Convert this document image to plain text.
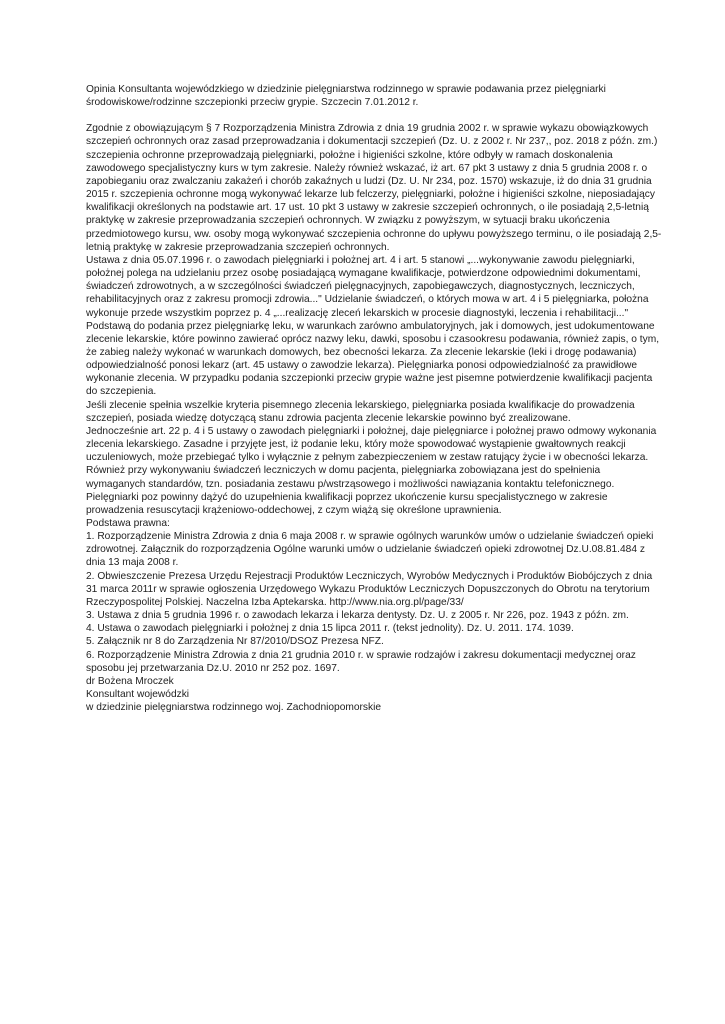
Opinia Konsultanta wojewódzkiego w dziedzinie pielęgniarstwa rodzinnego w sprawie podawania przez pielęgniarki środowiskowe/rodzinne szczepionki przeciw grypie. Szczecin 7.01.2012 r.

Zgodnie z obowiązującym § 7 Rozporządzenia Ministra Zdrowia z dnia 19 grudnia 2002 r. w sprawie wykazu obowiązkowych szczepień ochronnych oraz zasad przeprowadzania i dokumentacji szczepień (Dz. U. z 2002 r. Nr 237,, poz. 2018 z późn. zm.) szczepienia ochronne przeprowadzają pielęgniarki, położne i higieniści szkolne, które odbyły w ramach doskonalenia zawodowego specjalistyczny kurs w tym zakresie. Należy również wskazać, iż art. 67 pkt 3 ustawy z dnia 5 grudnia 2008 r. o zapobieganiu oraz zwalczaniu zakażeń i chorób zakaźnych u ludzi (Dz. U. Nr 234, poz. 1570) wskazuje, iż do dnia 31 grudnia 2015 r. szczepienia ochronne mogą wykonywać lekarze lub felczerzy, pielęgniarki, położne i higieniści szkolne, nieposiadający kwalifikacji określonych na podstawie art. 17 ust. 10 pkt 3 ustawy w zakresie szczepień ochronnych, o ile posiadają 2,5-letnią praktykę w zakresie przeprowadzania szczepień ochronnych. W związku z powyższym, w sytuacji braku ukończenia przedmiotowego kursu, ww. osoby mogą wykonywać szczepienia ochronne do upływu powyższego terminu, o ile posiadają 2,5-letnią praktykę w zakresie przeprowadzania szczepień ochronnych.

Ustawa z dnia 05.07.1996 r. o zawodach pielęgniarki i położnej art. 4 i art. 5 stanowi „...wykonywanie zawodu pielęgniarki, położnej polega na udzielaniu przez osobę posiadającą wymagane kwalifikacje, potwierdzone odpowiednimi dokumentami, świadczeń zdrowotnych, a w szczególności świadczeń pielęgnacyjnych, zapobiegawczych, diagnostycznych, leczniczych, rehabilitacyjnych oraz z zakresu promocji zdrowia..." Udzielanie świadczeń, o których mowa w art. 4 i 5 pielęgniarka, położna wykonuje przede wszystkim poprzez p. 4 „...realizację zleceń lekarskich w procesie diagnostyki, leczenia i rehabilitacji..."

Podstawą do podania przez pielęgniarkę leku, w warunkach zarówno ambulatoryjnych, jak i domowych, jest udokumentowane zlecenie lekarskie, które powinno zawierać oprócz nazwy leku, dawki, sposobu i czasookresu podawania, również zapis, o tym, że zabieg należy wykonać w warunkach domowych, bez obecności lekarza. Za zlecenie lekarskie (leki i drogę podawania) odpowiedzialność ponosi lekarz (art. 45 ustawy o zawodzie lekarza). Pielęgniarka ponosi odpowiedzialność za prawidłowe wykonanie zlecenia. W przypadku podania szczepionki przeciw grypie ważne jest pisemne potwierdzenie kwalifikacji pacjenta do szczepienia.

Jeśli zlecenie spełnia wszelkie kryteria pisemnego zlecenia lekarskiego, pielęgniarka posiada kwalifikacje do prowadzenia szczepień, posiada wiedzę dotyczącą stanu zdrowia pacjenta zlecenie lekarskie powinno być zrealizowane.

Jednocześnie art. 22 p. 4 i 5 ustawy o zawodach pielęgniarki i położnej, daje pielęgniarce i położnej prawo odmowy wykonania zlecenia lekarskiego. Zasadne i przyjęte jest, iż podanie leku, który może spowodować wystąpienie gwałtownych reakcji uczuleniowych, może przebiegać tylko i wyłącznie z pełnym zabezpieczeniem w zestaw ratujący życie i w obecności lekarza. Również przy wykonywaniu świadczeń leczniczych w domu pacjenta, pielęgniarka zobowiązana jest do spełnienia wymaganych standardów, tzn. posiadania zestawu p/wstrząsowego i możliwości nawiązania kontaktu telefonicznego. Pielęgniarki poz powinny dążyć do uzupełnienia kwalifikacji poprzez ukończenie kursu specjalistycznego w zakresie prowadzenia resuscytacji krążeniowo-oddechowej, z czym wiążą się określone uprawnienia.

Podstawa prawna:

1. Rozporządzenie Ministra Zdrowia z dnia 6 maja 2008 r. w sprawie ogólnych warunków umów o udzielanie świadczeń opieki zdrowotnej. Załącznik do rozporządzenia Ogólne warunki umów o udzielanie świadczeń opieki zdrowotnej Dz.U.08.81.484 z dnia 13 maja 2008 r.

2. Obwieszczenie Prezesa Urzędu Rejestracji Produktów Leczniczych, Wyrobów Medycznych i Produktów Biobójczych z dnia 31 marca 2011r w sprawie ogłoszenia Urzędowego Wykazu Produktów Leczniczych Dopuszczonych do Obrotu na terytorium Rzeczypospolitej Polskiej. Naczelna Izba Aptekarska. http://www.nia.org.pl/page/33/

3. Ustawa z dnia 5 grudnia 1996 r. o zawodach lekarza i lekarza dentysty. Dz. U. z 2005 r. Nr 226, poz. 1943 z późn. zm.

4. Ustawa o zawodach pielęgniarki i położnej z dnia 15 lipca 2011 r. (tekst jednolity). Dz. U. 2011. 174. 1039.

5. Załącznik nr 8 do Zarządzenia Nr 87/2010/DSOZ Prezesa NFZ.

6. Rozporządzenie Ministra Zdrowia z dnia 21 grudnia 2010 r. w sprawie rodzajów i zakresu dokumentacji medycznej oraz sposobu jej przetwarzania Dz.U. 2010 nr 252 poz. 1697.

dr Bożena Mroczek

Konsultant wojewódzki

w dziedzinie pielęgniarstwa rodzinnego woj. Zachodniopomorskie
